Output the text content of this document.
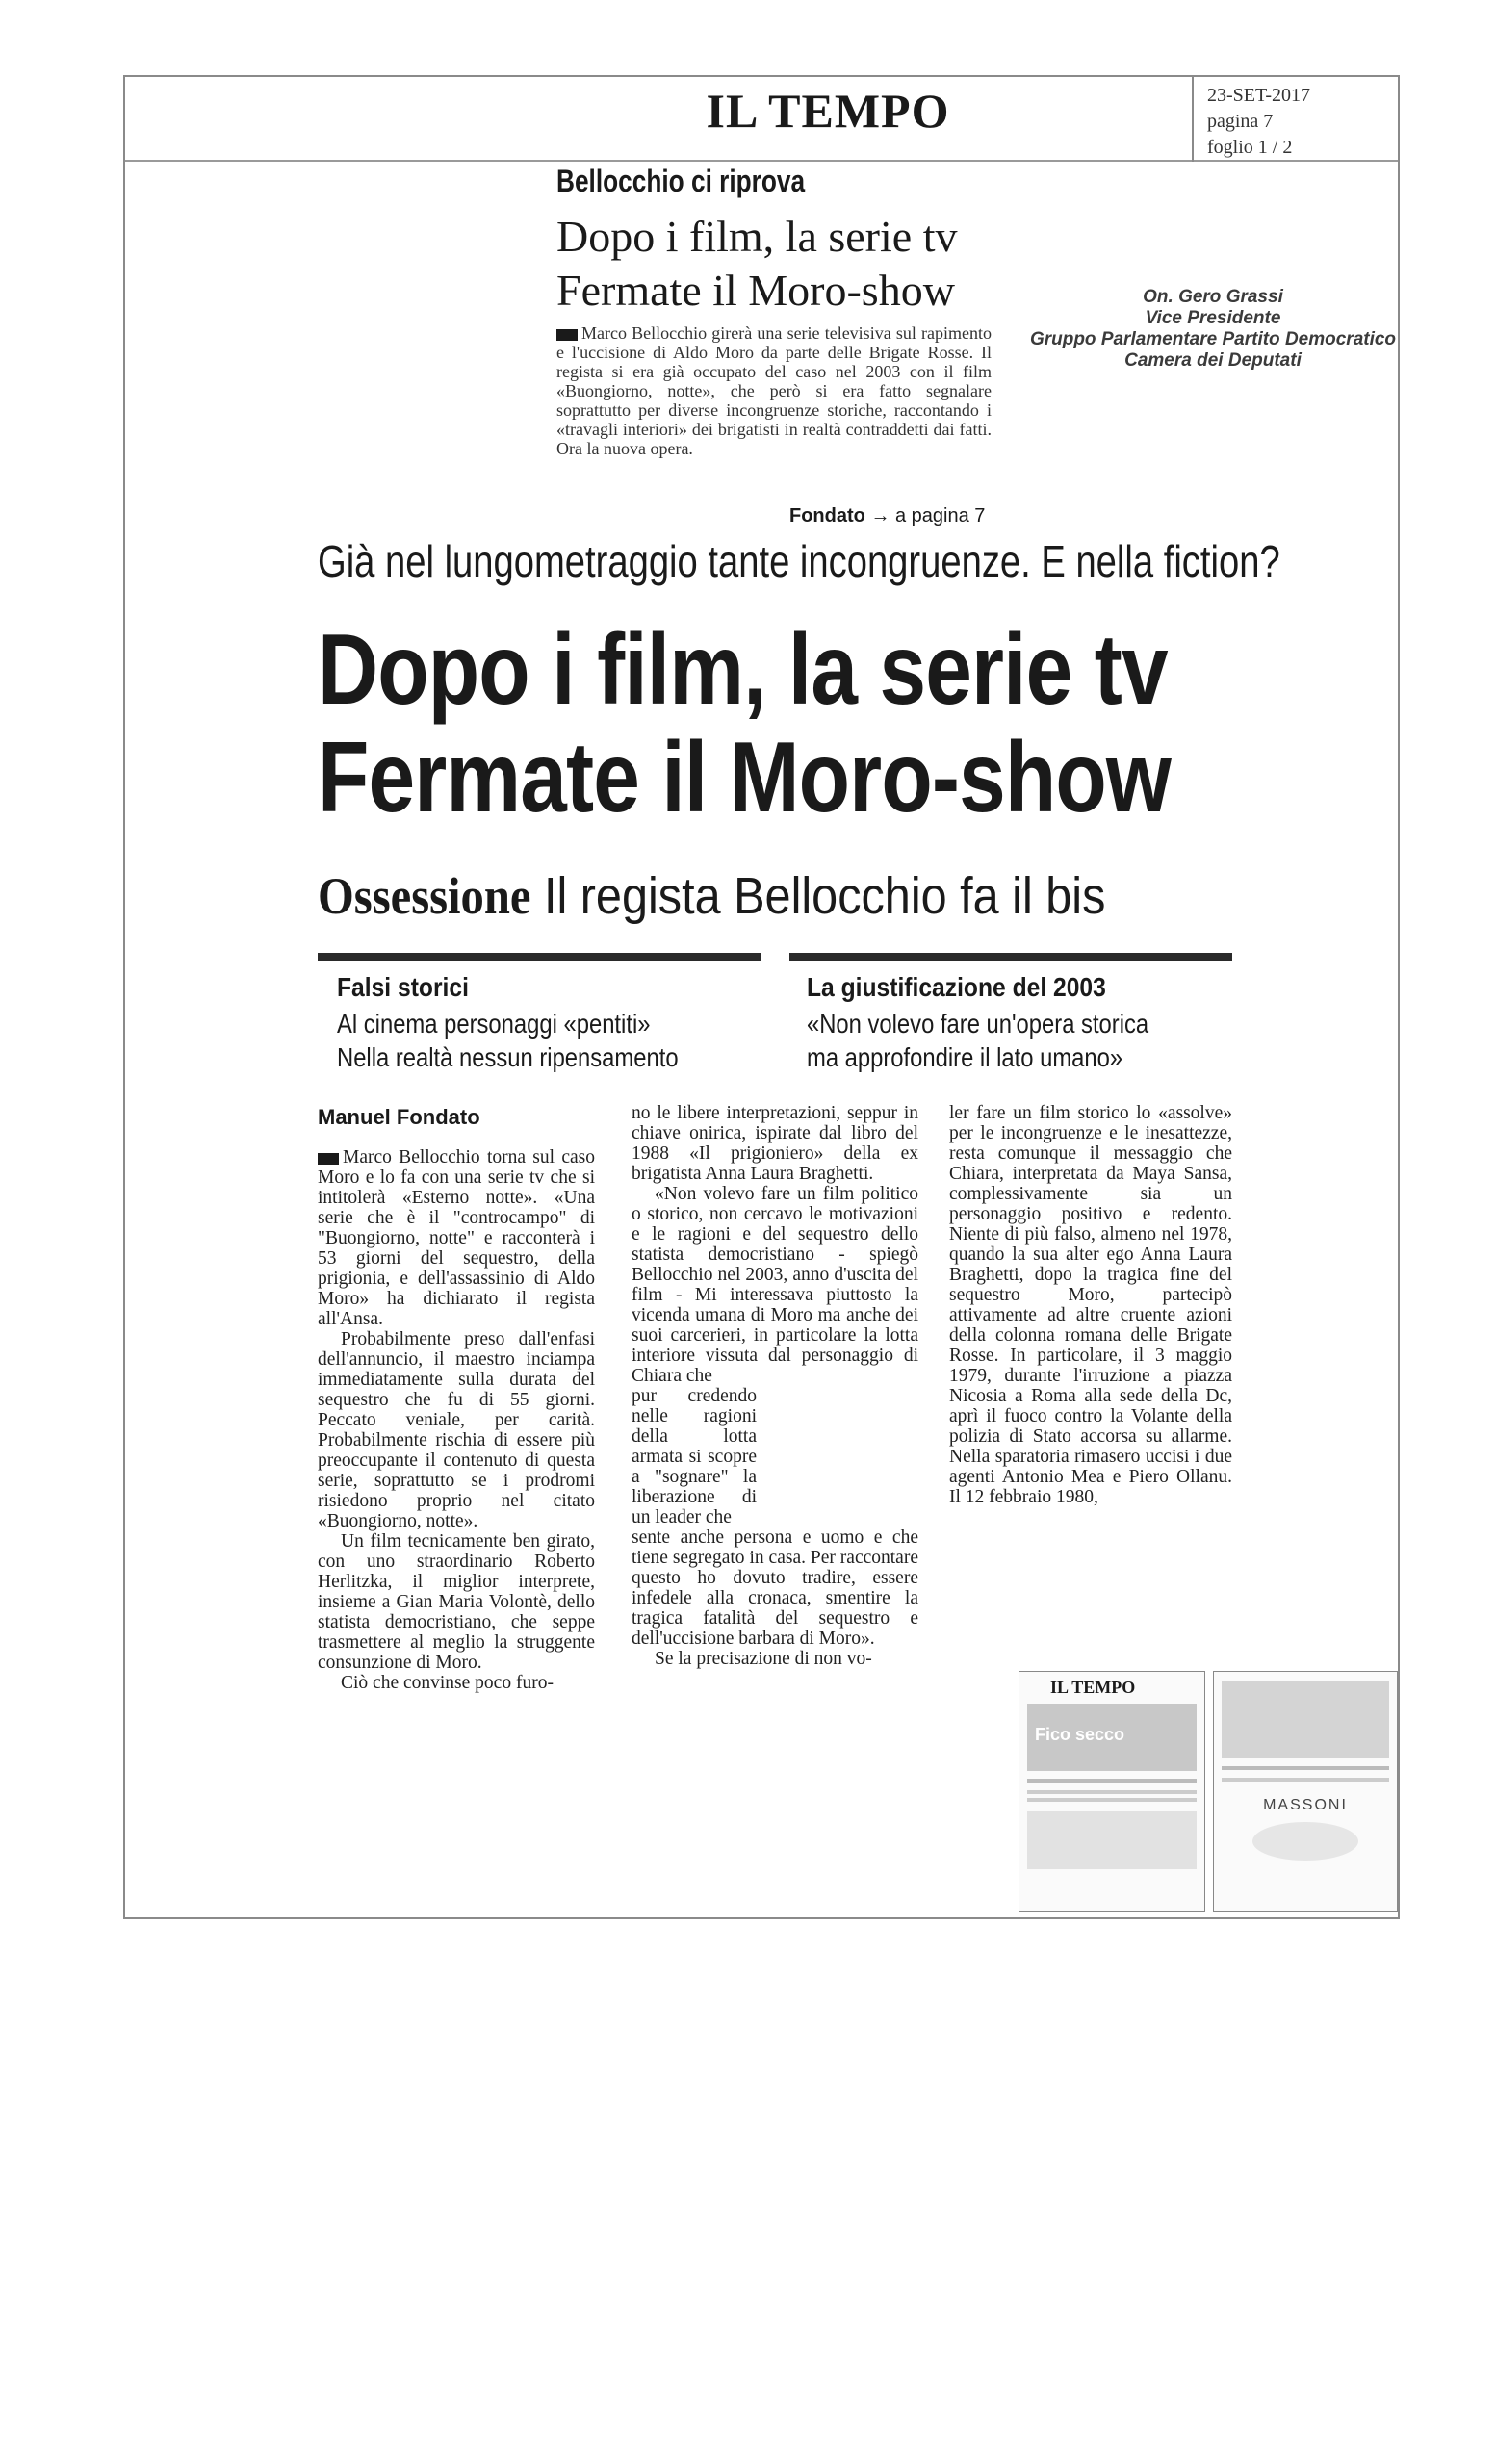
IL TEMPO	23-SET-2017
pagina 7
foglio 1 / 2
Bellocchio ci riprova
Dopo i film, la serie tv
Fermate il Moro-show
Marco Bellocchio girerà una serie televisiva sul rapimento e l'uccisione di Aldo Moro da parte delle Brigate Rosse. Il regista si era già occupato del caso nel 2003 con il film «Buongiorno, notte», che però si era fatto segnalare soprattutto per diverse incongruenze storiche, raccontando i «travagli interiori» dei brigatisti in realtà contraddetti dai fatti. Ora la nuova opera.
Fondato → a pagina 7
On. Gero Grassi
Vice Presidente
Gruppo Parlamentare Partito Democratico
Camera dei Deputati
Già nel lungometraggio tante incongruenze. E nella fiction?
Dopo i film, la serie tv
Fermate il Moro-show
Ossessione Il regista Bellocchio fa il bis
Falsi storici
Al cinema personaggi «pentiti»
Nella realtà nessun ripensamento
La giustificazione del 2003
«Non volevo fare un'opera storica
ma approfondire il lato umano»
Manuel Fondato

Marco Bellocchio torna sul caso Moro e lo fa con una serie tv che si intitolerà «Esterno notte». «Una serie che è il "controcampo" di "Buongiorno, notte" e racconterà i 53 giorni del sequestro, della prigionia, e dell'assassinio di Aldo Moro» ha dichiarato il regista all'Ansa.

Probabilmente preso dall'enfasi dell'annuncio, il maestro inciampa immediatamente sulla durata del sequestro che fu di 55 giorni. Peccato veniale, per carità. Probabilmente rischia di essere più preoccupante il contenuto di questa serie, soprattutto se i prodromi risiedono proprio nel citato «Buongiorno, notte».

Un film tecnicamente ben girato, con uno straordinario Roberto Herlitzka, il miglior interprete, insieme a Gian Maria Volontè, dello statista democristiano, che seppe trasmettere al meglio la struggente consunzione di Moro.

Ciò che convinse poco furo-

no le libere interpretazioni, seppur in chiave onirica, ispirate dal libro del 1988 «Il prigioniero» della ex brigatista Anna Laura Braghetti.

«Non volevo fare un film politico o storico, non cercavo le motivazioni e le ragioni e del sequestro dello statista democristiano - spiegò Bellocchio nel 2003, anno d'uscita del film - Mi interessava piuttosto la vicenda umana di Moro ma anche dei suoi carcerieri, in particolare la lotta interiore vissuta dal personaggio di Chiara che

pur credendo nelle ragioni della lotta armata si scopre a "sognare" la liberazione di un leader che

sente anche persona e uomo e che tiene segregato in casa. Per raccontare questo ho dovuto tradire, essere infedele alla cronaca, smentire la tragica fatalità del sequestro e dell'uccisione barbara di Moro».

Se la precisazione di non vo-

ler fare un film storico lo «assolve» per le incongruenze e le inesattezze, resta comunque il messaggio che Chiara, interpretata da Maya Sansa, complessivamente sia un personaggio positivo e redento. Niente di più falso, almeno nel 1978, quando la sua alter ego Anna Laura Braghetti, dopo la tragica fine del sequestro Moro, partecipò attivamente ad altre cruente azioni della colonna romana delle Brigate Rosse. In particolare, il 3 maggio 1979, durante l'irruzione a piazza Nicosia a Roma alla sede della Dc, aprì il fuoco contro la Volante della polizia di Stato accorsa su allarme. Nella sparatoria rimasero uccisi i due agenti Antonio Mea e Piero Ollanu. Il 12 febbraio 1980,

IL TEMPO
Fico secco
MASSONI
